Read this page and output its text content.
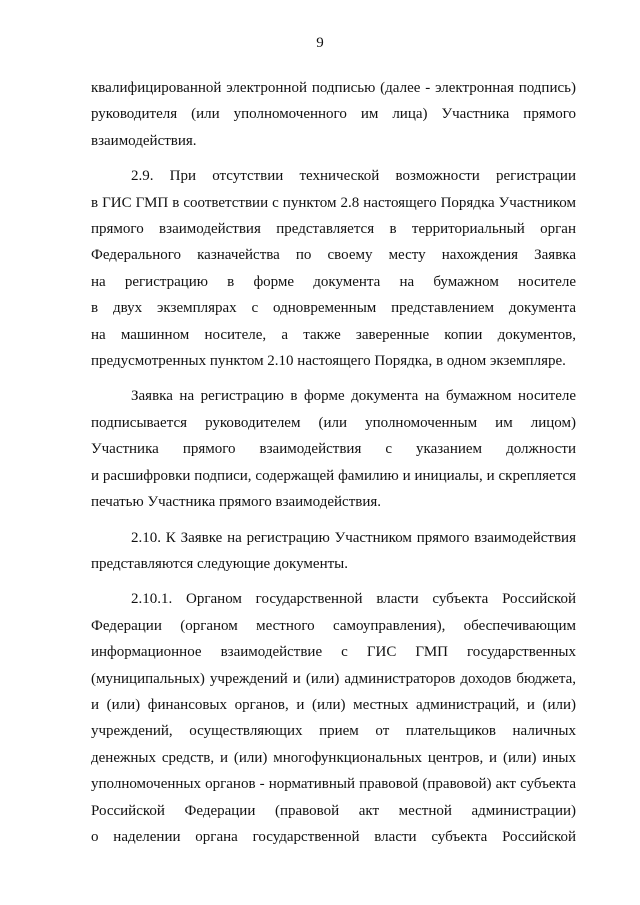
9

квалифицированной электронной подписью (далее - электронная подпись)
руководителя (или уполномоченного им лица) Участника прямого
взаимодействия.

2.9. При отсутствии технической возможности регистрации
в ГИС ГМП в соответствии с пунктом 2.8 настоящего Порядка Участником
прямого взаимодействия представляется в территориальный орган
Федерального казначейства по своему месту нахождения Заявка
на регистрацию в форме документа на бумажном носителе
в двух экземплярах с одновременным представлением документа
на машинном носителе, а также заверенные копии документов,
предусмотренных пунктом 2.10 настоящего Порядка, в одном экземпляре.

Заявка на регистрацию в форме документа на бумажном носителе
подписывается руководителем (или уполномоченным им лицом)
Участника прямого взаимодействия с указанием должности
и расшифровки подписи, содержащей фамилию и инициалы, и скрепляется
печатью Участника прямого взаимодействия.

2.10. К Заявке на регистрацию Участником прямого взаимодействия
представляются следующие документы.

2.10.1. Органом государственной власти субъекта Российской
Федерации (органом местного самоуправления), обеспечивающим
информационное взаимодействие с ГИС ГМП государственных
(муниципальных) учреждений и (или) администраторов доходов бюджета,
и (или) финансовых органов, и (или) местных администраций, и (или)
учреждений, осуществляющих прием от плательщиков наличных
денежных средств, и (или) многофункциональных центров, и (или) иных
уполномоченных органов - нормативный правовой (правовой) акт субъекта
Российской Федерации (правовой акт местной администрации)
о наделении органа государственной власти субъекта Российской
